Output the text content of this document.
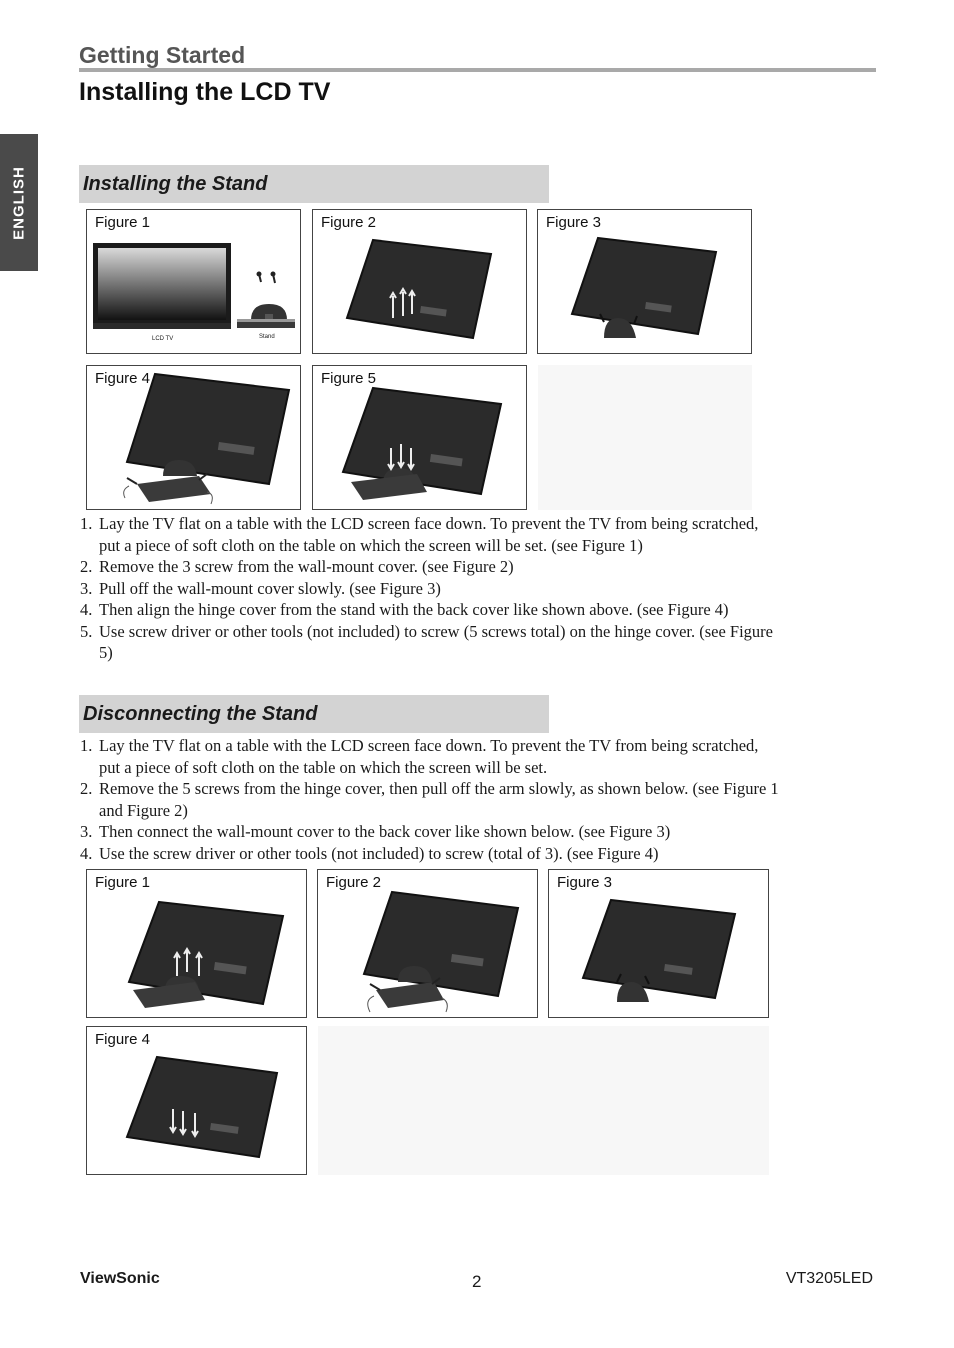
Getting Started
Installing the LCD TV
ENGLISH	Installing the Stand
Figure 1
LCD TV	Stand
Figure 2	Figure 3
Figure 4	Figure 5
1. Lay the TV flat on a table with the LCD screen face down. To prevent the TV from being scratched, put a piece of soft cloth on the table on which the screen will be set. (see Figure 1)
2. Remove the 3 screw from the wall-mount cover. (see Figure 2)
3. Pull off the wall-mount cover slowly. (see Figure 3)
4. Then align the hinge cover from the stand with the back cover like shown above. (see Figure 4)
5. Use screw driver or other tools (not included) to screw (5 screws total) on the hinge cover. (see Figure 5)
Disconnecting the Stand
1. Lay the TV flat on a table with the LCD screen face down. To prevent the TV from being scratched, put a piece of soft cloth on the table on which the screen will be set.
2. Remove the 5 screws from the hinge cover, then pull off the arm slowly, as shown below. (see Figure 1 and Figure 2)
3. Then connect the wall-mount cover to the back cover like shown below. (see Figure 3)
4. Use the screw driver or other tools (not included) to screw (total of 3). (see Figure 4)
Figure 1	Figure 2	Figure 3
Figure 4
ViewSonic	2	VT3205LED
